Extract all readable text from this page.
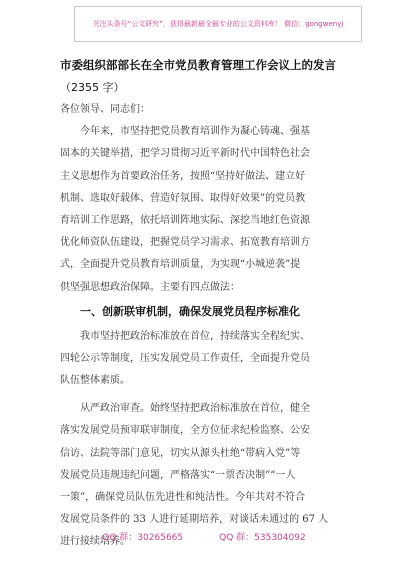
关注头条号“公文研究”，获得最新最全最专业的公文资料库！ 微信：gongwenyj
市委组织部部长在全市党员教育管理工作会议上的发言
（2355 字）
各位领导、同志们：
今年来，市坚持把党员教育培训作为凝心铸魂、强基
固本的关键举措，把学习贯彻习近平新时代中国特色社会
主义思想作为首要政治任务，按照“坚持好做法、建立好
机制、选取好载体、营造好氛围、取得好效果”的党员教
育培训工作思路，依托培训阵地实际、深挖当地红色资源
优化师资队伍建设，把握党员学习需求、拓宽教育培训方
式，全面提升党员教育培训质量，为实现“小城逆袭”提
供坚强思想政治保障。主要有四点做法：
一、创新联审机制，确保发展党员程序标准化
我市坚持把政治标准放在首位，持续落实全程纪实、
四轮公示等制度，压实发展党员工作责任，全面提升党员
队伍整体素质。
从严政治审查。始终坚持把政治标准放在首位，健全
落实发展党员预审联审制度，全方位征求纪检监察、公安
信访、法院等部门意见，切实从源头杜绝“带病入党”等
发展党员违规违纪问题，严格落实“一票否决制”“一人
一策”，确保党员队伍先进性和纯洁性。今年共对不符合
发展党员条件的 33 人进行延期培养，对谈话未通过的 67 人
进行接续培养。
QQ 群：30265665	QQ 群：535304092
